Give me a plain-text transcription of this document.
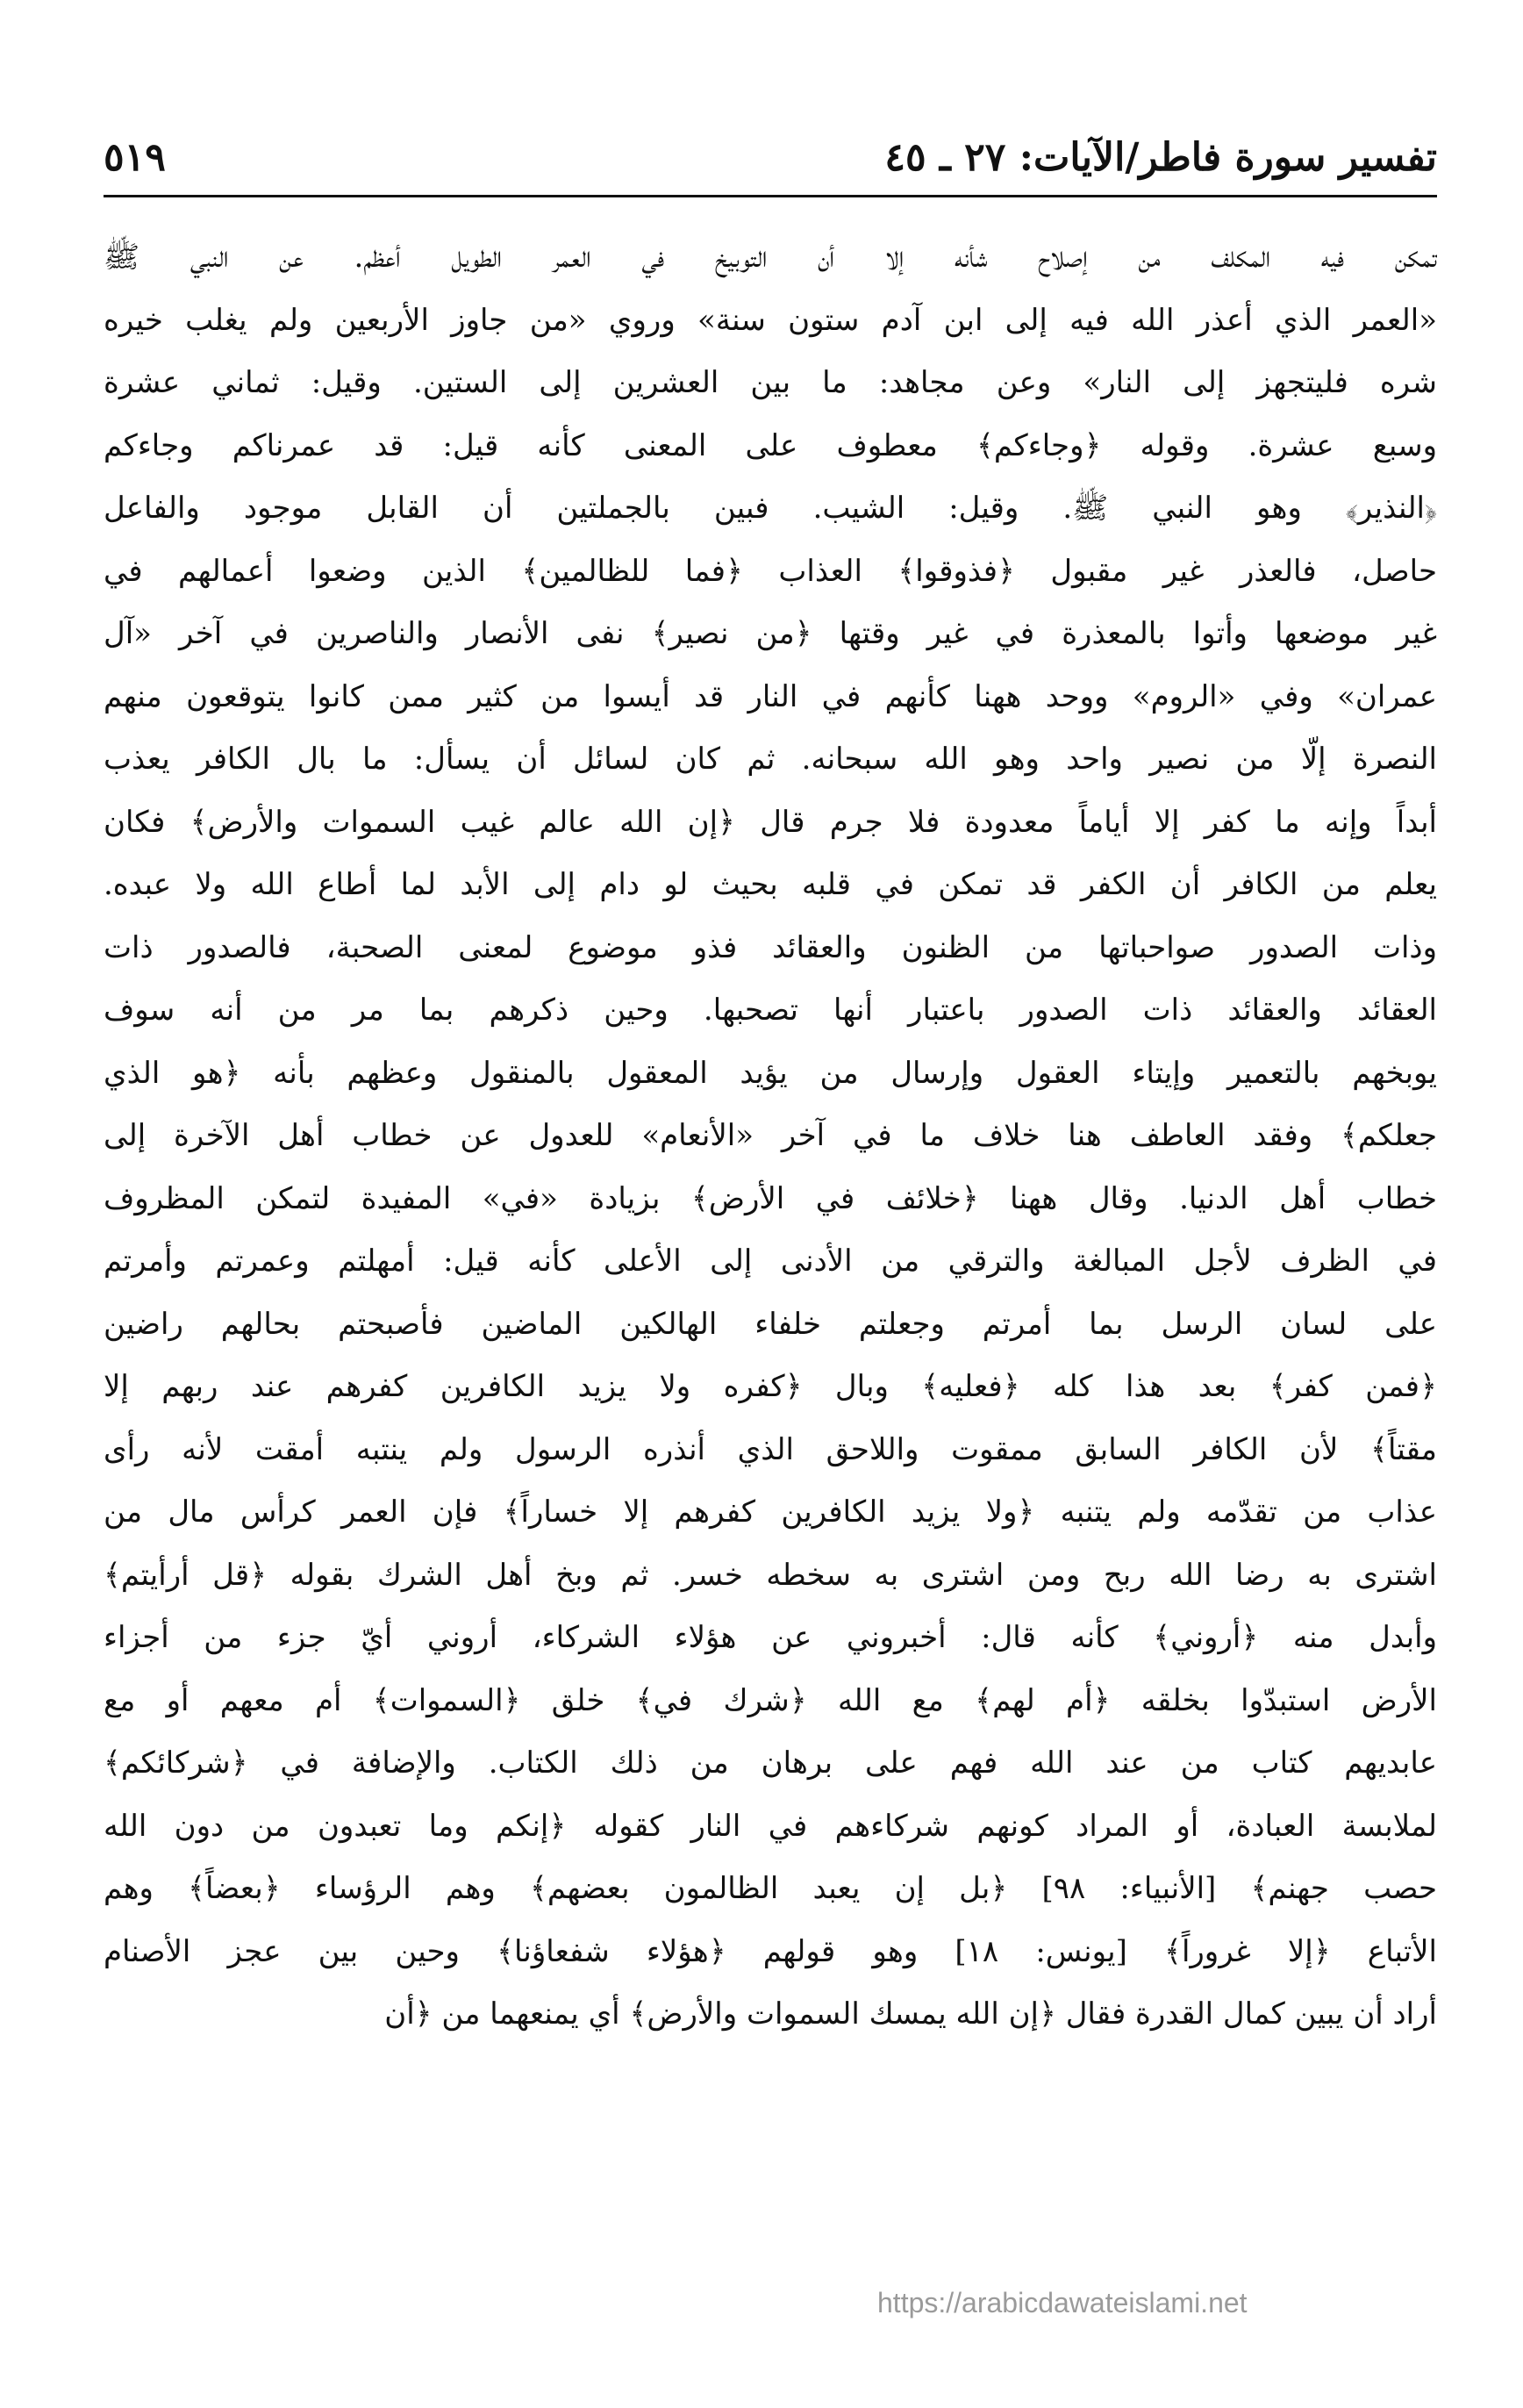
تفسير سورة فاطر/الآيات: ٢٧ ـ ٤٥
٥١٩
تمكن فيه المكلف من إصلاح شأنه إلا أن التوبيخ في العمر الطويل أعظم. عن النبي ﷺ
«العمر الذي أعذر الله فيه إلى ابن آدم ستون سنة» وروي «من جاوز الأربعين ولم يغلب خيره
شره فليتجهز إلى النار» وعن مجاهد: ما بين العشرين إلى الستين. وقيل: ثماني عشرة
وسبع عشرة. وقوله ﴿وجاءكم﴾ معطوف على المعنى كأنه قيل: قد عمرناكم وجاءكم
﴿النذير﴾ وهو النبي ﷺ. وقيل: الشيب. فبين بالجملتين أن القابل موجود والفاعل
حاصل، فالعذر غير مقبول ﴿فذوقوا﴾ العذاب ﴿فما للظالمين﴾ الذين وضعوا أعمالهم في
غير موضعها وأتوا بالمعذرة في غير وقتها ﴿من نصير﴾ نفى الأنصار والناصرين في آخر «آل
عمران» وفي «الروم» ووحد ههنا كأنهم في النار قد أيسوا من كثير ممن كانوا يتوقعون منهم
النصرة إلّا من نصير واحد وهو الله سبحانه. ثم كان لسائل أن يسأل: ما بال الكافر يعذب
أبداً وإنه ما كفر إلا أياماً معدودة فلا جرم قال ﴿إن الله عالم غيب السموات والأرض﴾ فكان
يعلم من الكافر أن الكفر قد تمكن في قلبه بحيث لو دام إلى الأبد لما أطاع الله ولا عبده.
وذات الصدور صواحباتها من الظنون والعقائد فذو موضوع لمعنى الصحبة، فالصدور ذات
العقائد والعقائد ذات الصدور باعتبار أنها تصحبها. وحين ذكرهم بما مر من أنه سوف
يوبخهم بالتعمير وإيتاء العقول وإرسال من يؤيد المعقول بالمنقول وعظهم بأنه ﴿هو الذي
جعلكم﴾ وفقد العاطف هنا خلاف ما في آخر «الأنعام» للعدول عن خطاب أهل الآخرة إلى
خطاب أهل الدنيا. وقال ههنا ﴿خلائف في الأرض﴾ بزيادة «في» المفيدة لتمكن المظروف
في الظرف لأجل المبالغة والترقي من الأدنى إلى الأعلى كأنه قيل: أمهلتم وعمرتم وأمرتم
على لسان الرسل بما أمرتم وجعلتم خلفاء الهالكين الماضين فأصبحتم بحالهم راضين
﴿فمن كفر﴾ بعد هذا كله ﴿فعليه﴾ وبال ﴿كفره ولا يزيد الكافرين كفرهم عند ربهم إلا
مقتاً﴾ لأن الكافر السابق ممقوت واللاحق الذي أنذره الرسول ولم ينتبه أمقت لأنه رأى
عذاب من تقدّمه ولم يتنبه ﴿ولا يزيد الكافرين كفرهم إلا خساراً﴾ فإن العمر كرأس مال من
اشترى به رضا الله ربح ومن اشترى به سخطه خسر. ثم وبخ أهل الشرك بقوله ﴿قل أرأيتم﴾
وأبدل منه ﴿أروني﴾ كأنه قال: أخبروني عن هؤلاء الشركاء، أروني أيّ جزء من أجزاء
الأرض استبدّوا بخلقه ﴿أم لهم﴾ مع الله ﴿شرك في﴾ خلق ﴿السموات﴾ أم معهم أو مع
عابديهم كتاب من عند الله فهم على برهان من ذلك الكتاب. والإضافة في ﴿شركائكم﴾
لملابسة العبادة، أو المراد كونهم شركاءهم في النار كقوله ﴿إنكم وما تعبدون من دون الله
حصب جهنم﴾ [الأنبياء: ٩٨] ﴿بل إن يعبد الظالمون بعضهم﴾ وهم الرؤساء ﴿بعضاً﴾ وهم
الأتباع ﴿إلا غروراً﴾ [يونس: ١٨] وهو قولهم ﴿هؤلاء شفعاؤنا﴾ وحين بين عجز الأصنام
أراد أن يبين كمال القدرة فقال ﴿إن الله يمسك السموات والأرض﴾ أي يمنعهما من ﴿أن
https://arabicdawateislami.net
